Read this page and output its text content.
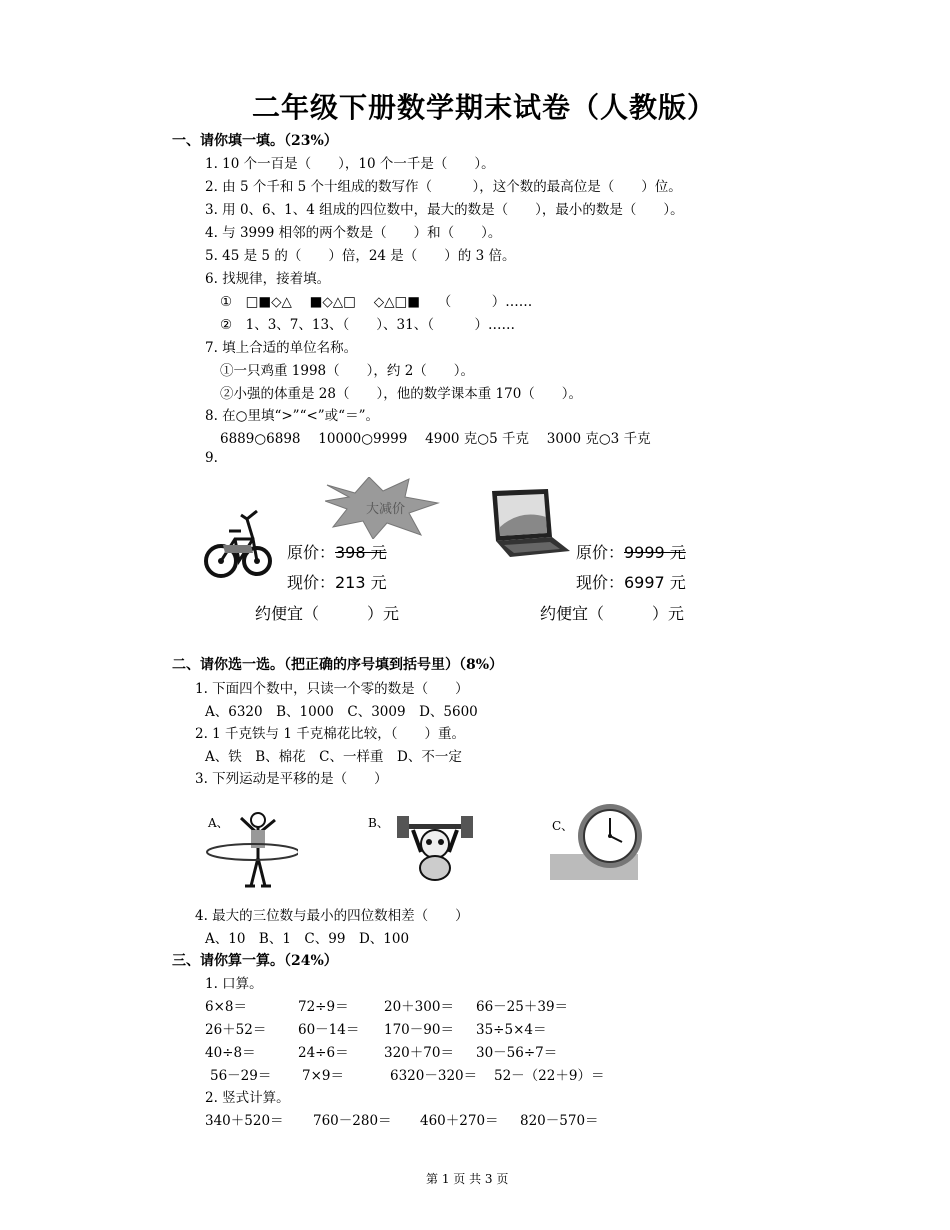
二年级下册数学期末试卷（人教版）
一、请你填一填。（23%）
1. 10 个一百是（　　），10 个一千是（　　）。
2. 由 5 个千和 5 个十组成的数写作（　　　），这个数的最高位是（　　）位。
3. 用 0、6、1、4 组成的四位数中，最大的数是（　　），最小的数是（　　）。
4. 与 3999 相邻的两个数是（　　）和（　　）。
5. 45 是 5 的（　　）倍，24 是（　　）的 3 倍。
6. 找规律，接着填。
①　□■◇△　 ■◇△□　 ◇△□■　 （　　　）……
②　1、3、7、13、（　　）、31、（　　　）……
7. 填上合适的单位名称。
①一只鸡重 1998（　　），约 2（　　）。
②小强的体重是 28（　　），他的数学课本重 170（　　）。
8. 在○里填“>”“<”或“＝”。
6889○6898　 10000○9999　 4900 克○5 千克　 3000 克○3 千克
9.
大减价
原价： 398 元
现价：213 元
约便宜（　　　）元
原价： 9999 元
现价：6997 元
约便宜（　　　）元
二、请你选一选。（把正确的序号填到括号里）（8%）
1. 下面四个数中，只读一个零的数是（　　）
A、6320　B、1000　C、3009　D、5600
2. 1 千克铁与 1 千克棉花比较，（　　）重。
A、铁　B、棉花　C、一样重　D、不一定
3. 下列运动是平移的是（　　）
A、	B、	C、
4. 最大的三位数与最小的四位数相差（　　）
A、10　B、1　C、99　D、100
三、请你算一算。（24%）
1. 口算。
6×8＝	72÷9＝	20＋300＝ 66－25＋39＝
26＋52＝ 60－14＝ 170－90＝ 35÷5×4＝
40÷8＝	24÷6＝	320＋70＝ 30－56÷7＝
56－29＝ 7×9＝	6320－320＝ 52－（22＋9）＝
2. 竖式计算。
340＋520＝ 760－280＝ 460＋270＝ 820－570＝
第 1 页 共 3 页
